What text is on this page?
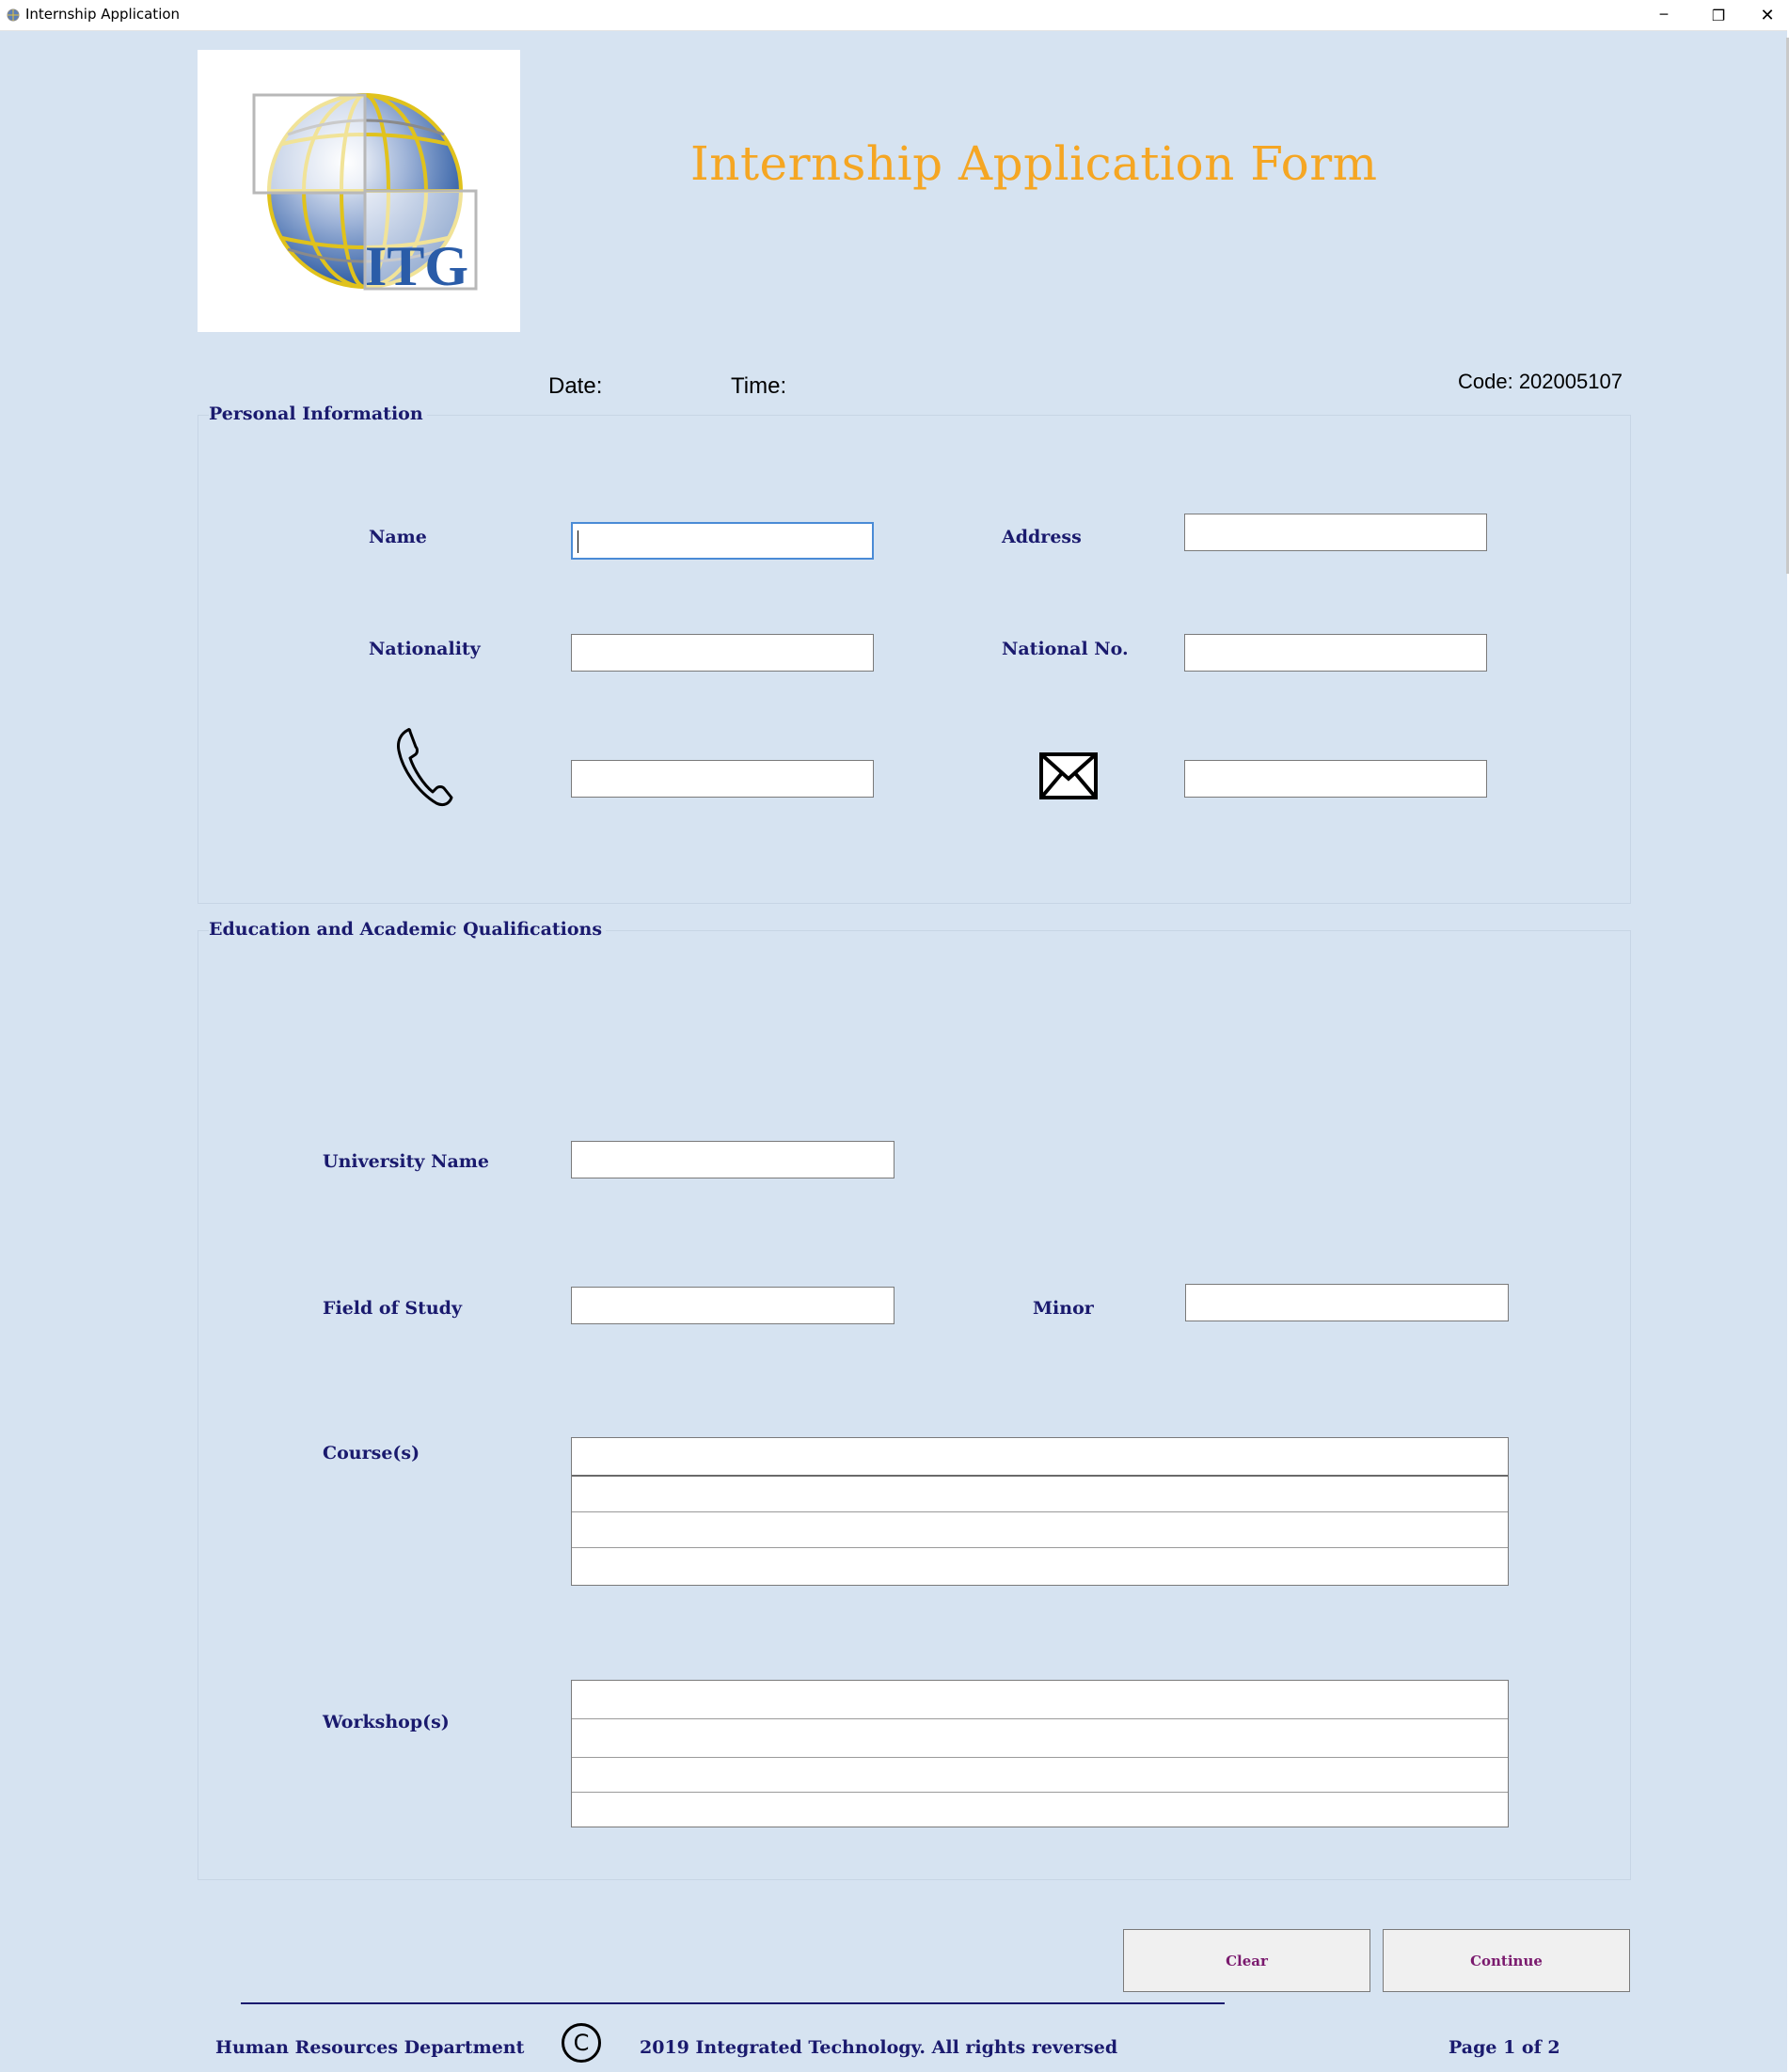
Internship Application	─	❐ ✕
ITG
Internship Application Form
Date:	Time:	Code: 202005107
Personal Information
Name	Address
Nationality	National No.
Education and Academic Qualifications
University Name
Field of Study	Minor
Course(s)
Workshop(s)
Clear	Continue
Human Resources Department	C	2019 Integrated Technology. All rights reversed	Page 1 of 2
